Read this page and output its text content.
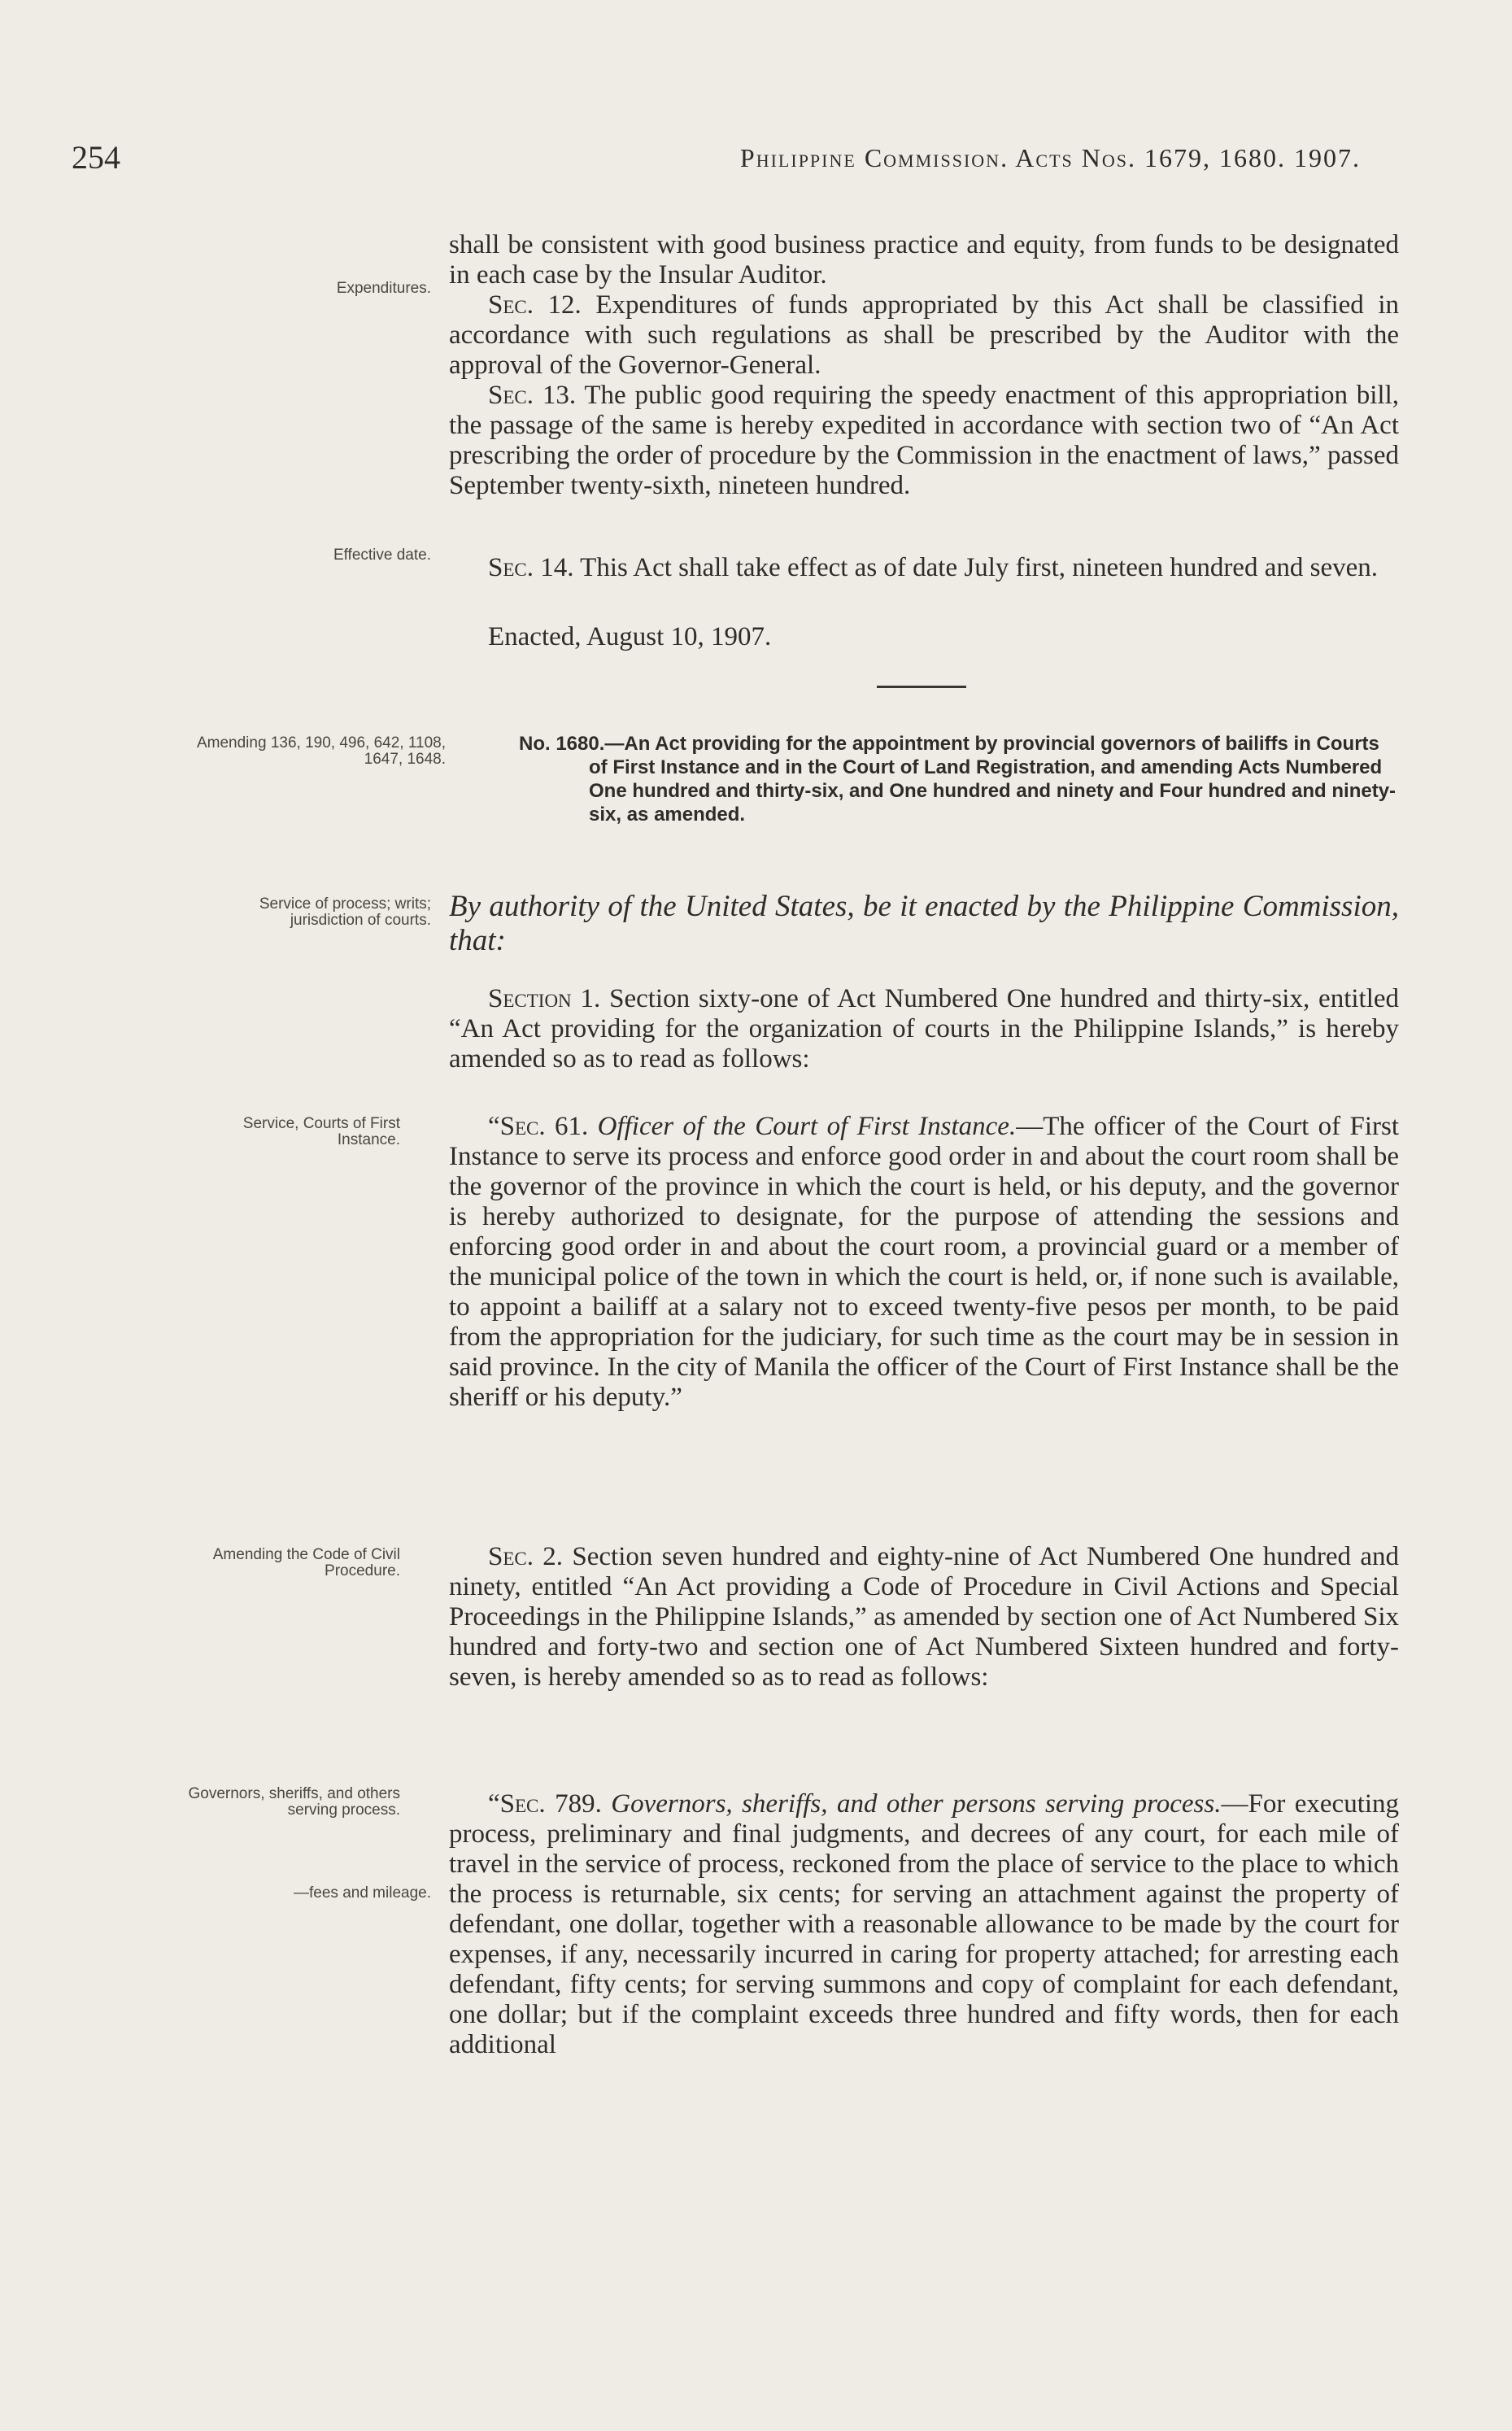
254	Philippine Commission. Acts Nos. 1679, 1680. 1907.
Expenditures.
Effective date.
Amending 136, 190, 496, 642, 1108, 1647, 1648.
Service of process; writs; jurisdiction of courts.
Service, Courts of First Instance.
Amending the Code of Civil Procedure.
Governors, sheriffs, and others serving process.
—fees and mileage.
shall be consistent with good business practice and equity, from funds to be designated in each case by the Insular Auditor.
Sec. 12. Expenditures of funds appropriated by this Act shall be classified in accordance with such regulations as shall be prescribed by the Auditor with the approval of the Governor-General.
Sec. 13. The public good requiring the speedy enactment of this appropriation bill, the passage of the same is hereby expedited in accordance with section two of “An Act prescribing the order of procedure by the Commission in the enactment of laws,” passed September twenty-sixth, nineteen hundred.
Sec. 14. This Act shall take effect as of date July first, nineteen hundred and seven.
Enacted, August 10, 1907.
No. 1680.—An Act providing for the appointment by provincial governors of bailiffs in Courts of First Instance and in the Court of Land Registration, and amending Acts Numbered One hundred and thirty-six, and One hundred and ninety and Four hundred and ninety-six, as amended.
By authority of the United States, be it enacted by the Philippine Commission, that:
Section 1. Section sixty-one of Act Numbered One hundred and thirty-six, entitled “An Act providing for the organization of courts in the Philippine Islands,” is hereby amended so as to read as follows:
“Sec. 61. Officer of the Court of First Instance.—The officer of the Court of First Instance to serve its process and enforce good order in and about the court room shall be the governor of the province in which the court is held, or his deputy, and the governor is hereby authorized to designate, for the purpose of attending the sessions and enforcing good order in and about the court room, a provincial guard or a member of the municipal police of the town in which the court is held, or, if none such is available, to appoint a bailiff at a salary not to exceed twenty-five pesos per month, to be paid from the appropriation for the judiciary, for such time as the court may be in session in said province. In the city of Manila the officer of the Court of First Instance shall be the sheriff or his deputy.”
Sec. 2. Section seven hundred and eighty-nine of Act Numbered One hundred and ninety, entitled “An Act providing a Code of Procedure in Civil Actions and Special Proceedings in the Philippine Islands,” as amended by section one of Act Numbered Six hundred and forty-two and section one of Act Numbered Sixteen hundred and forty-seven, is hereby amended so as to read as follows:
“Sec. 789. Governors, sheriffs, and other persons serving process.—For executing process, preliminary and final judgments, and decrees of any court, for each mile of travel in the service of process, reckoned from the place of service to the place to which the process is returnable, six cents; for serving an attachment against the property of defendant, one dollar, together with a reasonable allowance to be made by the court for expenses, if any, necessarily incurred in caring for property attached; for arresting each defendant, fifty cents; for serving summons and copy of complaint for each defendant, one dollar; but if the complaint exceeds three hundred and fifty words, then for each additional
